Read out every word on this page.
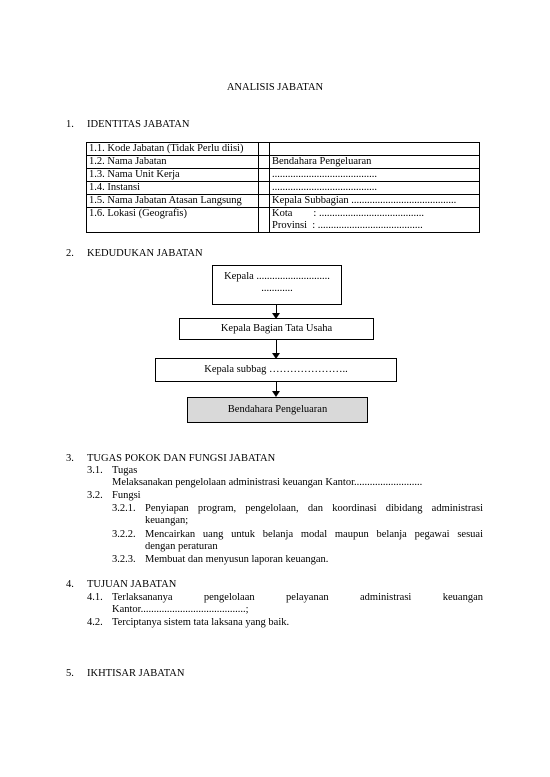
ANALISIS JABATAN
1. IDENTITAS JABATAN
1.1. Kode Jabatan (Tidak Perlu diisi)		
1.2. Nama Jabatan		Bendahara Pengeluaran
1.3. Nama Unit Kerja		........................................
1.4. Instansi		........................................
1.5. Nama Jabatan Atasan Langsung		Kepala Subbagian ........................................
1.6. Lokasi (Geografis)		Kota        : ........................................
Provinsi  : ........................................
2. KEDUDUKAN JABATAN
Kepala ............................
............
Kepala Bagian Tata Usaha
Kepala subbag …………………..
Bendahara Pengeluaran
3. TUGAS POKOK DAN FUNGSI JABATAN
3.1. Tugas
Melaksanakan pengelolaan administrasi keuangan Kantor..........................
3.2. Fungsi
3.2.1. Penyiapan program, pengelolaan, dan koordinasi dibidang administrasi
keuangan;
3.2.2. Mencairkan uang untuk belanja modal maupun belanja pegawai sesuai
dengan peraturan
3.2.3. Membuat dan menyusun laporan keuangan.
4. TUJUAN JABATAN
4.1. Terlaksananya pengelolaan pelayanan administrasi keuangan
Kantor........................................;
4.2. Terciptanya sistem tata laksana yang baik.
5. IKHTISAR JABATAN
